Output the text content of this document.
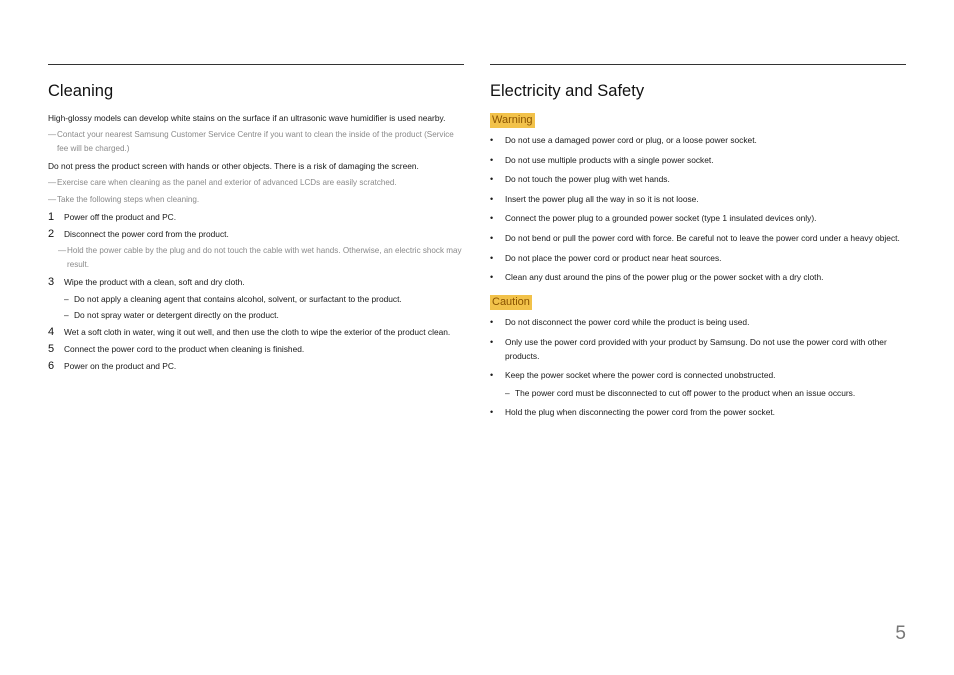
Cleaning

High-glossy models can develop white stains on the surface if an ultrasonic wave humidifier is used nearby.

—Contact your nearest Samsung Customer Service Centre if you want to clean the inside of the product (Service fee will be charged.)

Do not press the product screen with hands or other objects. There is a risk of damaging the screen.

—Exercise care when cleaning as the panel and exterior of advanced LCDs are easily scratched.

—Take the following steps when cleaning.

1	Power off the product and PC.
2	Disconnect the power cord from the product.

—Hold the power cable by the plug and do not touch the cable with wet hands. Otherwise, an electric shock may result.

3	Wipe the product with a clean, soft and dry cloth.
– Do not apply a cleaning agent that contains alcohol, solvent, or surfactant to the product.
– Do not spray water or detergent directly on the product.
4	Wet a soft cloth in water, wing it out well, and then use the cloth to wipe the exterior of the product clean.
5	Connect the power cord to the product when cleaning is finished.
6	Power on the product and PC.
Electricity and Safety
Warning
•	Do not use a damaged power cord or plug, or a loose power socket.
•	Do not use multiple products with a single power socket.
•	Do not touch the power plug with wet hands.
•	Insert the power plug all the way in so it is not loose.
•	Connect the power plug to a grounded power socket (type 1 insulated devices only).
•	Do not bend or pull the power cord with force. Be careful not to leave the power cord under a heavy object.
•	Do not place the power cord or product near heat sources.
•	Clean any dust around the pins of the power plug or the power socket with a dry cloth.
Caution
•	Do not disconnect the power cord while the product is being used.
•	Only use the power cord provided with your product by Samsung. Do not use the power cord with other products.
•	Keep the power socket where the power cord is connected unobstructed.
– The power cord must be disconnected to cut off power to the product when an issue occurs.
•	Hold the plug when disconnecting the power cord from the power socket.
5
